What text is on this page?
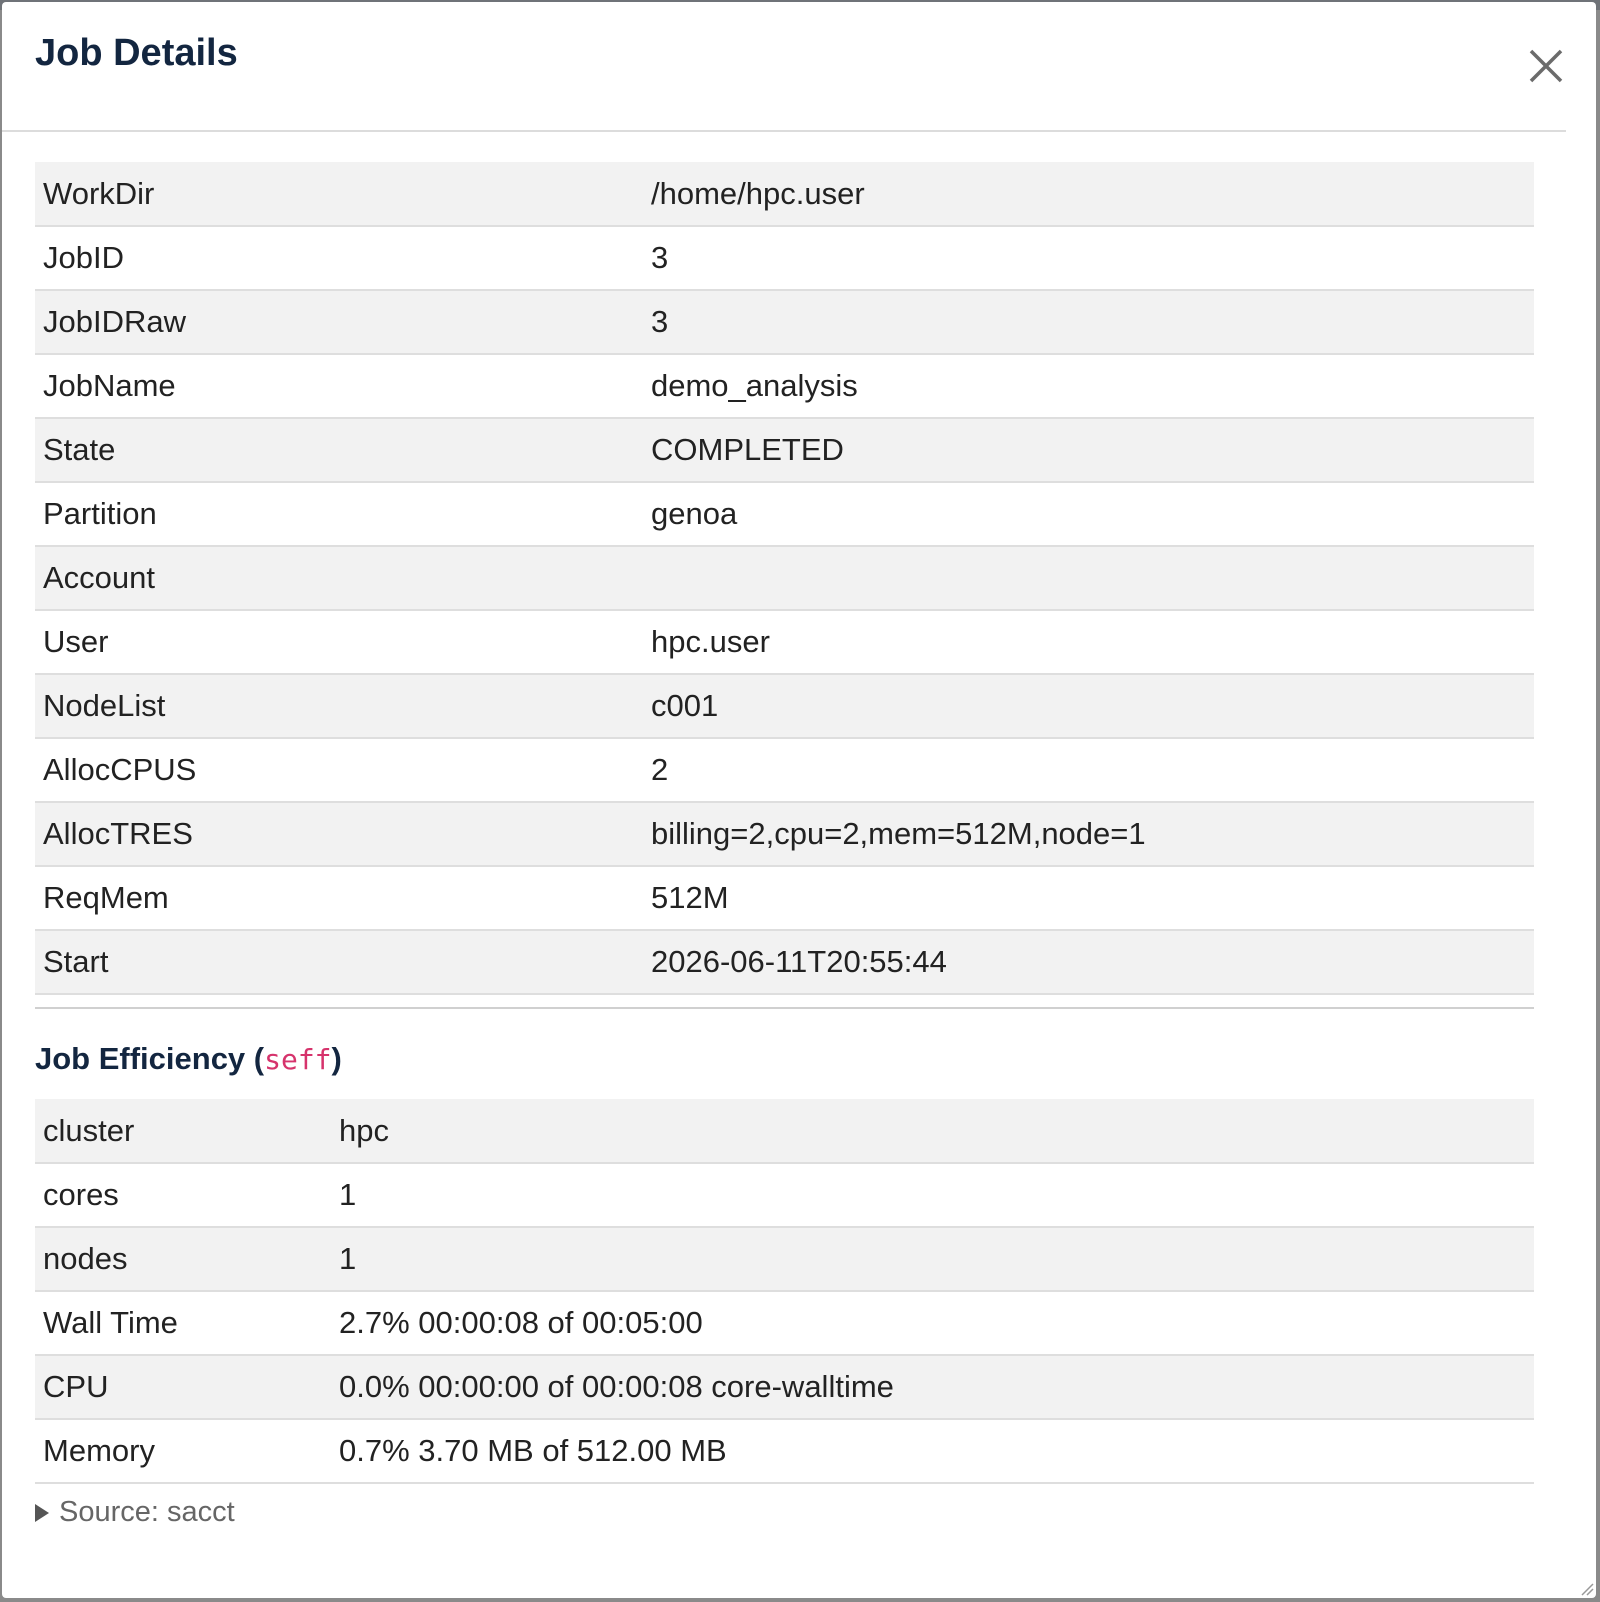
Job Details
WorkDir	/home/hpc.user
JobID	3
JobIDRaw	3
JobName	demo_analysis
State	COMPLETED
Partition	genoa
Account	
User	hpc.user
NodeList	c001
AllocCPUS	2
AllocTRES	billing=2,cpu=2,mem=512M,node=1
ReqMem	512M
Start	2026-06-11T20:55:44
Job Efficiency (seff)
cluster	hpc
cores	1
nodes	1
Wall Time	2.7% 00:00:08 of 00:05:00
CPU	0.0% 00:00:00 of 00:00:08 core-walltime
Memory	0.7% 3.70 MB of 512.00 MB
Source: sacct
